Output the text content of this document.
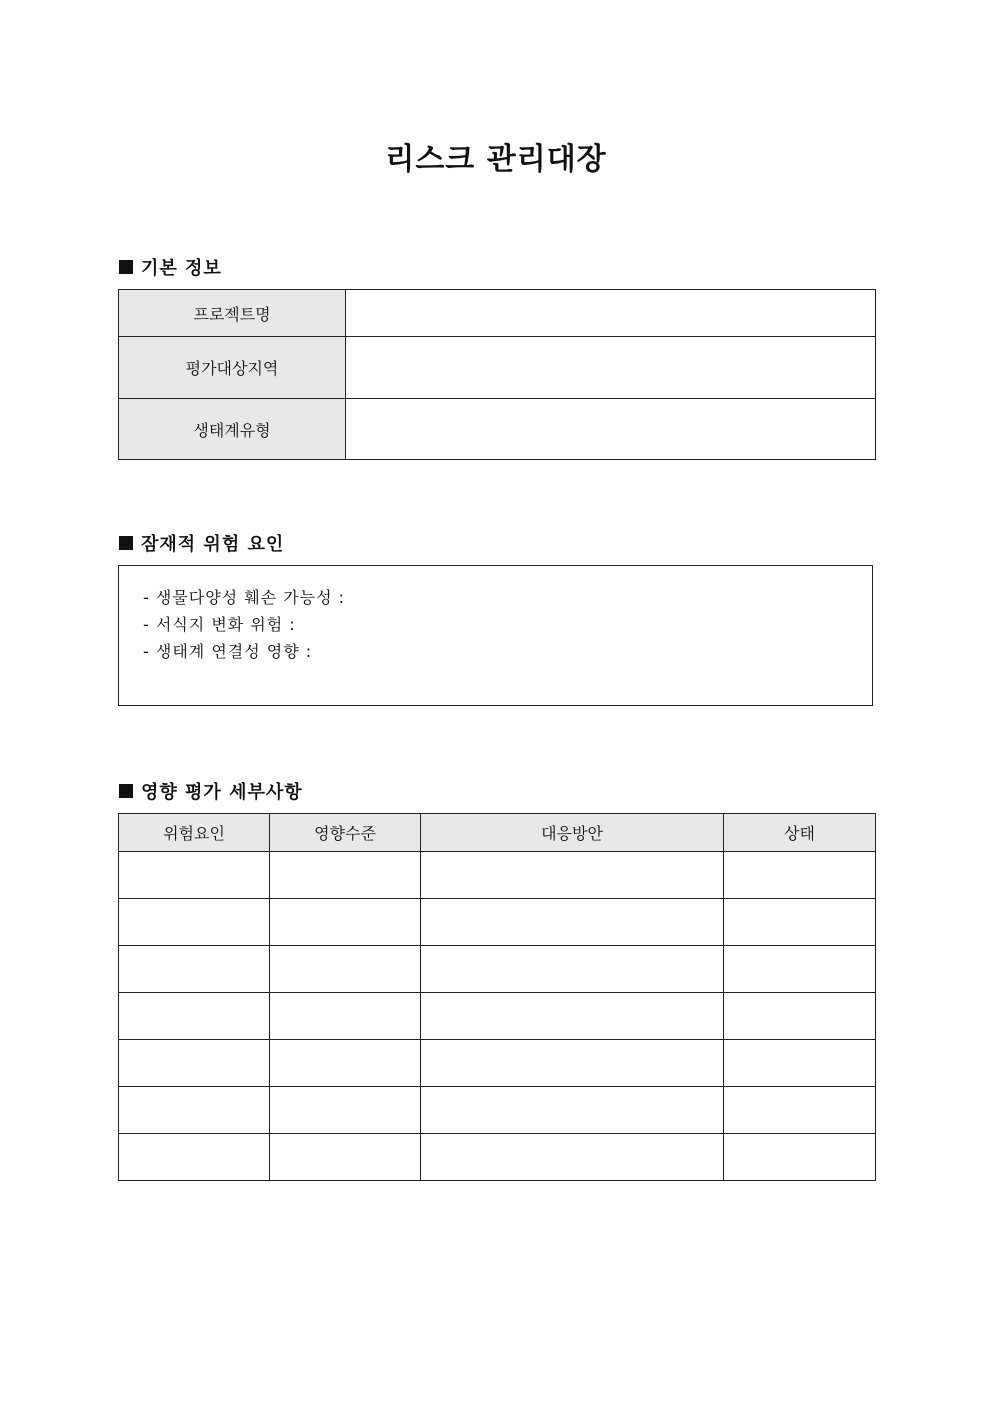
리스크 관리대장
기본 정보
프로젝트명	
평가대상지역	
생태계유형	
잠재적 위험 요인
- 생물다양성 훼손 가능성 :
- 서식지 변화 위험 :
- 생태계 연결성 영향 :
영향 평가 세부사항
위험요인	영향수준	대응방안	상태
